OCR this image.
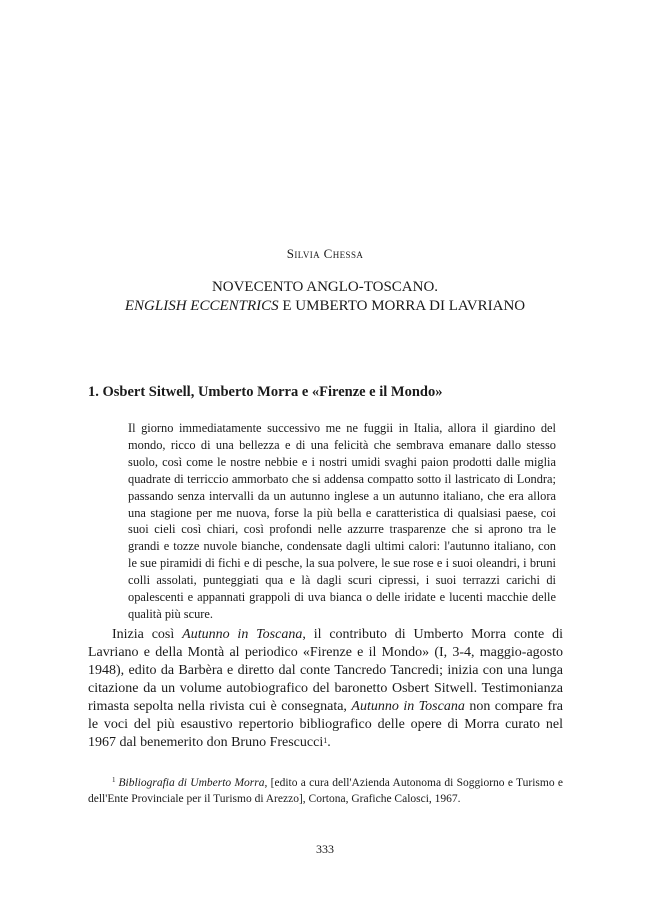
Silvia Chessa
NOVECENTO ANGLO-TOSCANO.
ENGLISH ECCENTRICS E UMBERTO MORRA DI LAVRIANO
1. Osbert Sitwell, Umberto Morra e «Firenze e il Mondo»

Il giorno immediatamente successivo me ne fuggii in Italia, allora il giardino del mondo, ricco di una bellezza e di una felicità che sembrava emanare dallo stesso suolo, così come le nostre nebbie e i nostri umidi svaghi paion prodotti dalle miglia quadrate di terriccio ammorbato che si addensa compatto sotto il lastricato di Londra; passando senza intervalli da un autunno inglese a un autunno italiano, che era allora una stagione per me nuova, forse la più bella e caratteristica di qualsiasi paese, coi suoi cieli così chiari, così profondi nelle azzurre trasparenze che si aprono tra le grandi e tozze nuvole bianche, condensate dagli ultimi calori: l'autunno italiano, con le sue piramidi di fichi e di pesche, la sua polvere, le sue rose e i suoi oleandri, i bruni colli assolati, punteggiati qua e là dagli scuri cipressi, i suoi terrazzi carichi di opalescenti e appannati grappoli di uva bianca o delle iridate e lucenti macchie delle qualità più scure.

Inizia così Autunno in Toscana, il contributo di Umberto Morra conte di Lavriano e della Montà al periodico «Firenze e il Mondo» (I, 3-4, maggio-agosto 1948), edito da Barbèra e diretto dal conte Tancredo Tancredi; inizia con una lunga citazione da un volume autobiografico del baronetto Osbert Sitwell. Testimonianza rimasta sepolta nella rivista cui è consegnata, Autunno in Toscana non compare fra le voci del più esaustivo repertorio bibliografico delle opere di Morra curato nel 1967 dal benemerito don Bruno Frescucci$^1$.

$^1$ Bibliografia di Umberto Morra, [edito a cura dell'Azienda Autonoma di Soggiorno e Turismo e dell'Ente Provinciale per il Turismo di Arezzo], Cortona, Grafiche Calosci, 1967.

333
